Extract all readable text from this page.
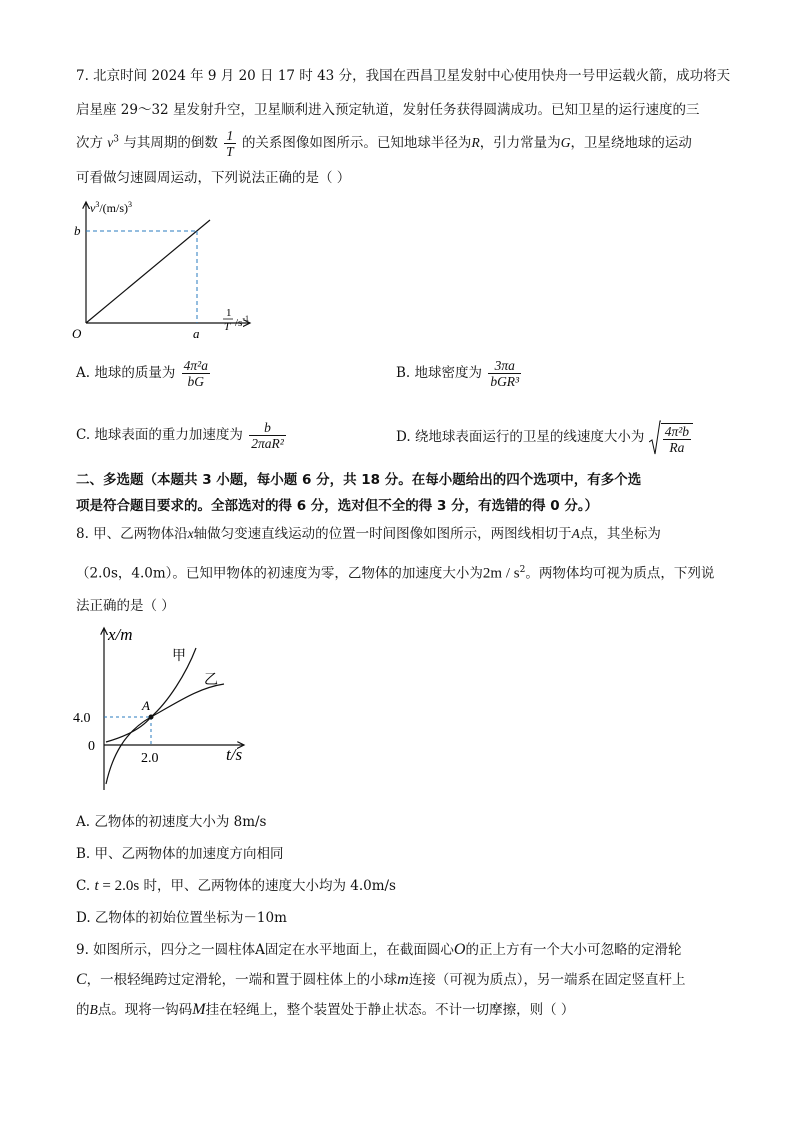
7. 北京时间 2024 年 9 月 20 日 17 时 43 分，我国在西昌卫星发射中心使用快舟一号甲运载火箭，成功将天
启星座 29～32 星发射升空，卫星顺利进入预定轨道，发射任务获得圆满成功。已知卫星的运行速度的三
次方 $v^3$ 与其周期的倒数 $\frac{1}{T}$ 的关系图像如图所示。已知地球半径为R，引力常量为G，卫星绕地球的运动
可看做匀速圆周运动，下列说法正确的是（ ）
$v^3/(m/s)^3$
b
O	a
1
T $/s^{-1}$
A. 地球的质量为 $\frac{\text{4π²a}}{bG}$	B. 地球密度为 $\frac{3\pi a}{\text{bGR³}}$
C. 地球表面的重力加速度为 $\frac{b}{\text{2πaR²}}$	D. 绕地球表面运行的卫星的线速度大小为 $\frac{\text{4π²b}}{Ra}$
二、多选题（本题共 3 小题，每小题 6 分，共 18 分。在每小题给出的四个选项中，有多个选
项是符合题目要求的。全部选对的得 6 分，选对但不全的得 3 分，有选错的得 0 分。）
8. 甲、乙两物体沿x轴做匀变速直线运动的位置一时间图像如图所示，两图线相切于A点，其坐标为
（2.0s，4.0m）。已知甲物体的初速度为零，乙物体的加速度大小为$2m / s^2$。两物体均可视为质点，下列说
法正确的是（ ）
x/m
甲
乙
A
4.0
0
2.0	t/s
A. 乙物体的初速度大小为 8m/s
B. 甲、乙两物体的加速度方向相同
C. t = 2.0s 时，甲、乙两物体的速度大小均为 4.0m/s
D. 乙物体的初始位置坐标为－10m
9. 如图所示，四分之一圆柱体A固定在水平地面上，在截面圆心O的正上方有一个大小可忽略的定滑轮
C，一根轻绳跨过定滑轮，一端和置于圆柱体上的小球m连接（可视为质点），另一端系在固定竖直杆上
的B点。现将一钩码M挂在轻绳上，整个装置处于静止状态。不计一切摩擦，则（ ）
